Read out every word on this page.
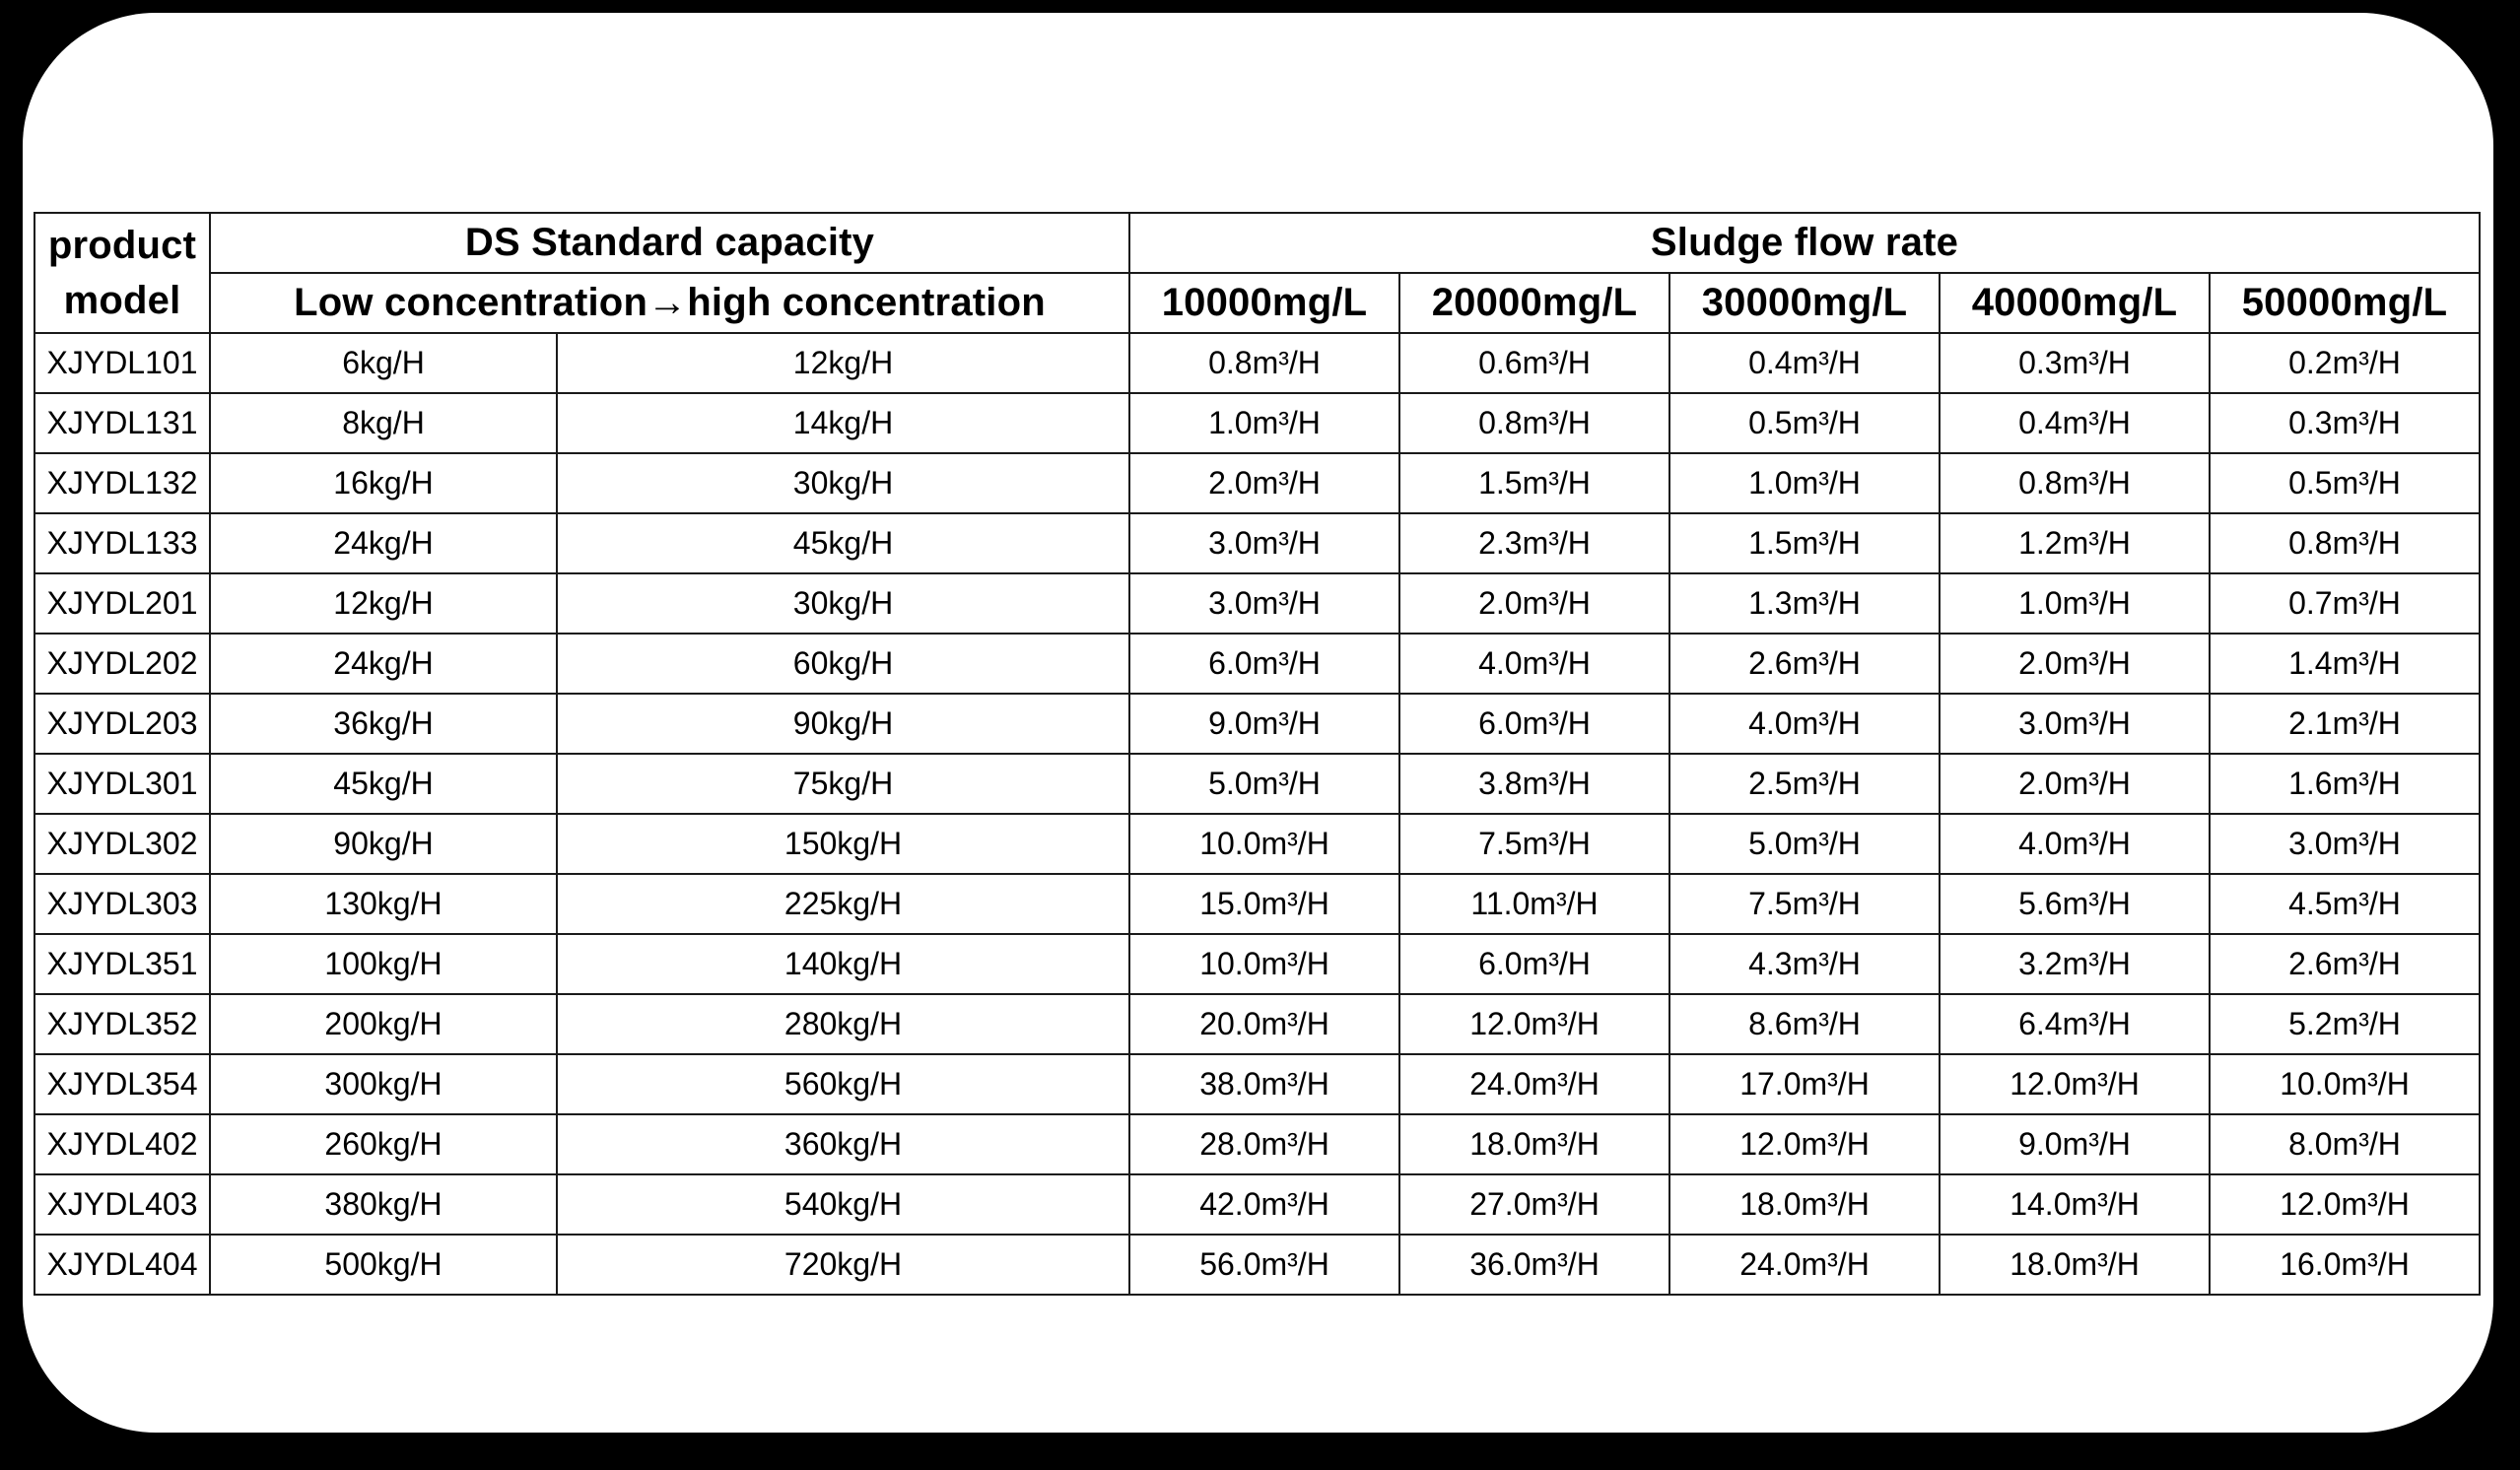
product
model	DS Standard capacity		Sludge flow rate				
	Low concentration→high concentration		10000mg/L	20000mg/L	30000mg/L	40000mg/L	50000mg/L
XJYDL101	6kg/H	12kg/H	0.8m³/H	0.6m³/H	0.4m³/H	0.3m³/H	0.2m³/H
XJYDL131	8kg/H	14kg/H	1.0m³/H	0.8m³/H	0.5m³/H	0.4m³/H	0.3m³/H
XJYDL132	16kg/H	30kg/H	2.0m³/H	1.5m³/H	1.0m³/H	0.8m³/H	0.5m³/H
XJYDL133	24kg/H	45kg/H	3.0m³/H	2.3m³/H	1.5m³/H	1.2m³/H	0.8m³/H
XJYDL201	12kg/H	30kg/H	3.0m³/H	2.0m³/H	1.3m³/H	1.0m³/H	0.7m³/H
XJYDL202	24kg/H	60kg/H	6.0m³/H	4.0m³/H	2.6m³/H	2.0m³/H	1.4m³/H
XJYDL203	36kg/H	90kg/H	9.0m³/H	6.0m³/H	4.0m³/H	3.0m³/H	2.1m³/H
XJYDL301	45kg/H	75kg/H	5.0m³/H	3.8m³/H	2.5m³/H	2.0m³/H	1.6m³/H
XJYDL302	90kg/H	150kg/H	10.0m³/H	7.5m³/H	5.0m³/H	4.0m³/H	3.0m³/H
XJYDL303	130kg/H	225kg/H	15.0m³/H	11.0m³/H	7.5m³/H	5.6m³/H	4.5m³/H
XJYDL351	100kg/H	140kg/H	10.0m³/H	6.0m³/H	4.3m³/H	3.2m³/H	2.6m³/H
XJYDL352	200kg/H	280kg/H	20.0m³/H	12.0m³/H	8.6m³/H	6.4m³/H	5.2m³/H
XJYDL354	300kg/H	560kg/H	38.0m³/H	24.0m³/H	17.0m³/H	12.0m³/H	10.0m³/H
XJYDL402	260kg/H	360kg/H	28.0m³/H	18.0m³/H	12.0m³/H	9.0m³/H	8.0m³/H
XJYDL403	380kg/H	540kg/H	42.0m³/H	27.0m³/H	18.0m³/H	14.0m³/H	12.0m³/H
XJYDL404	500kg/H	720kg/H	56.0m³/H	36.0m³/H	24.0m³/H	18.0m³/H	16.0m³/H
